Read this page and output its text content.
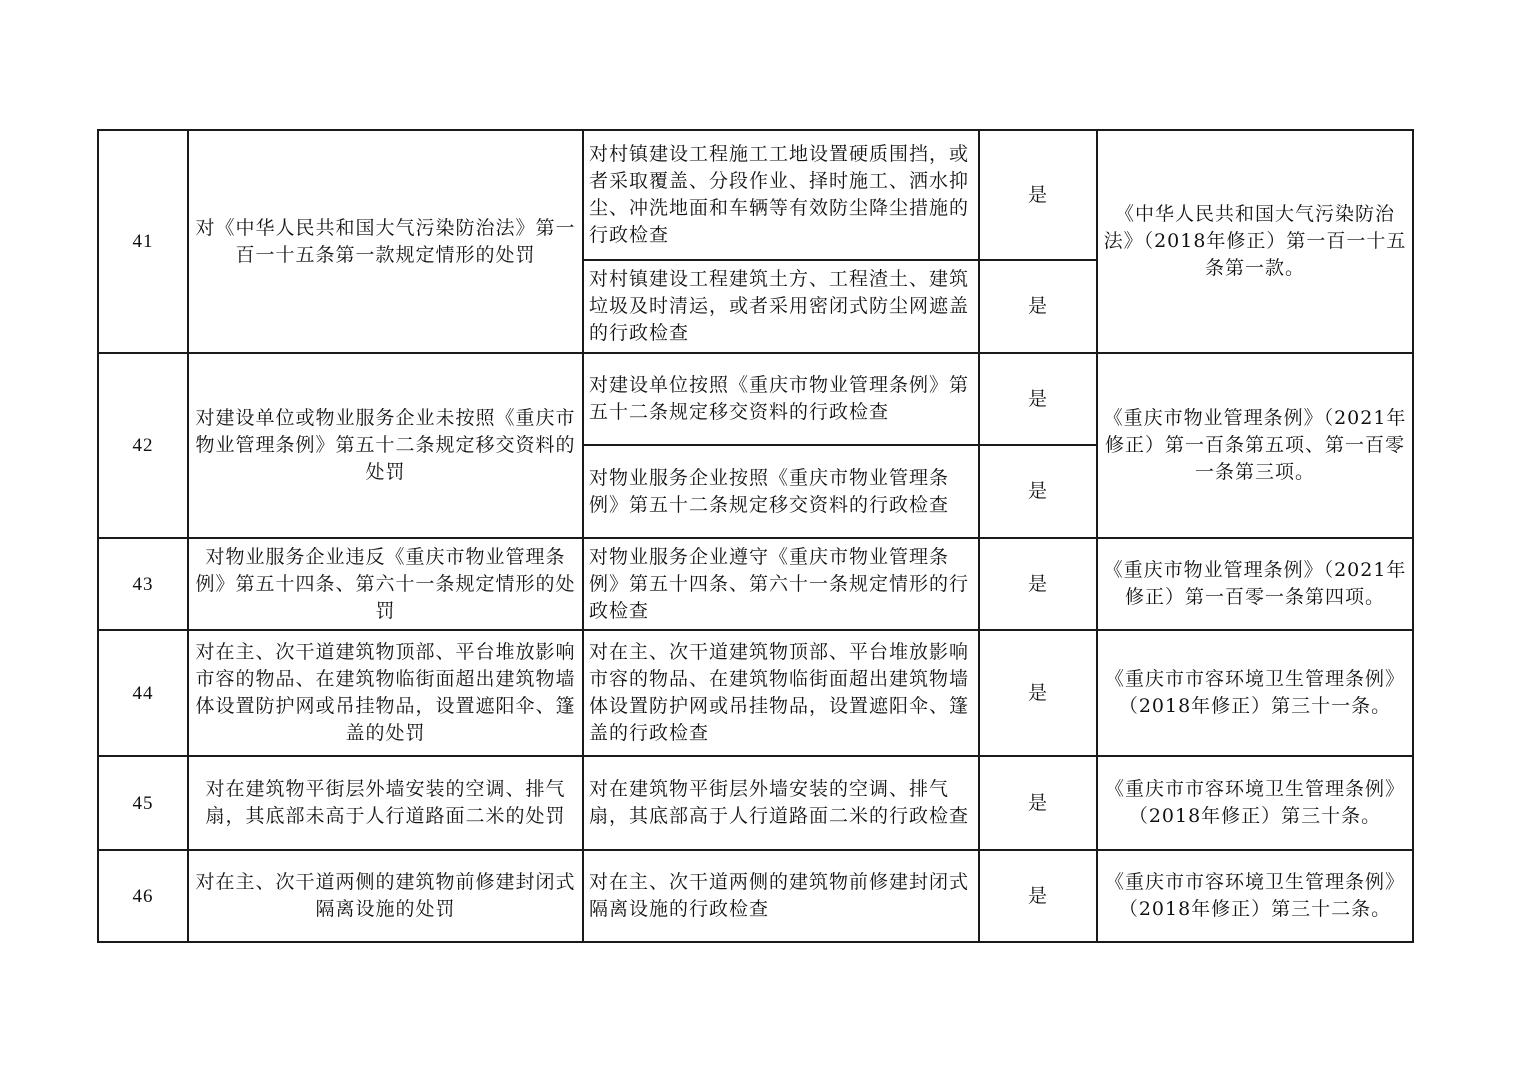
41	对《中华人民共和国大气污染防治法》第一百一十五条第一款规定情形的处罚	对村镇建设工程施工工地设置硬质围挡，或者采取覆盖、分段作业、择时施工、洒水抑尘、冲洗地面和车辆等有效防尘降尘措施的行政检查	是	《中华人民共和国大气污染防治法》（2018年修正）第一百一十五条第一款。
		对村镇建设工程建筑土方、工程渣土、建筑垃圾及时清运，或者采用密闭式防尘网遮盖的行政检查	是	
42	对建设单位或物业服务企业未按照《重庆市物业管理条例》第五十二条规定移交资料的处罚	对建设单位按照《重庆市物业管理条例》第五十二条规定移交资料的行政检查	是	《重庆市物业管理条例》（2021年修正）第一百条第五项、第一百零一条第三项。
		对物业服务企业按照《重庆市物业管理条例》第五十二条规定移交资料的行政检查	是	
43	对物业服务企业违反《重庆市物业管理条例》第五十四条、第六十一条规定情形的处罚	对物业服务企业遵守《重庆市物业管理条例》第五十四条、第六十一条规定情形的行政检查	是	《重庆市物业管理条例》（2021年修正）第一百零一条第四项。
44	对在主、次干道建筑物顶部、平台堆放影响市容的物品、在建筑物临街面超出建筑物墙体设置防护网或吊挂物品，设置遮阳伞、篷盖的处罚	对在主、次干道建筑物顶部、平台堆放影响市容的物品、在建筑物临街面超出建筑物墙体设置防护网或吊挂物品，设置遮阳伞、篷盖的行政检查	是	《重庆市市容环境卫生管理条例》（2018年修正）第三十一条。
45	对在建筑物平街层外墙安装的空调、排气扇，其底部未高于人行道路面二米的处罚	对在建筑物平街层外墙安装的空调、排气扇，其底部高于人行道路面二米的行政检查	是	《重庆市市容环境卫生管理条例》（2018年修正）第三十条。
46	对在主、次干道两侧的建筑物前修建封闭式隔离设施的处罚	对在主、次干道两侧的建筑物前修建封闭式隔离设施的行政检查	是	《重庆市市容环境卫生管理条例》（2018年修正）第三十二条。
